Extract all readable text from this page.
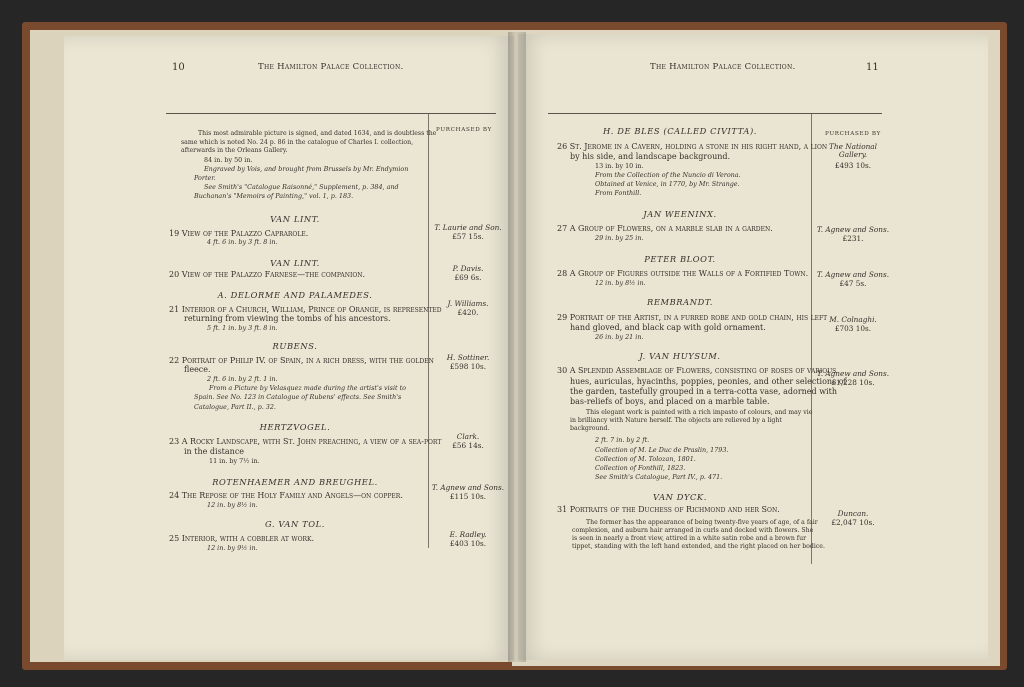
10	The Hamilton Palace Collection.
PURCHASED BY
This most admirable picture is signed, and dated 1634, and is doubtless the
same which is noted No. 24 p. 86 in the catalogue of Charles I. collection,
afterwards in the Orleans Gallery.
84 in. by 50 in.
Engraved by Vois, and brought from Brussels by Mr. Endymion
Porter.
See Smith's "Catalogue Raisonné," Supplement, p. 384, and
Buchanan's "Memoirs of Painting," vol. 1, p. 183.
VAN LINT.
19 View of the Palazzo Caprarole.
4 ft. 6 in. by 3 ft. 8 in.
T. Laurie and Son.
£57 15s.
VAN LINT.
20 View of the Palazzo Farnese—the companion.
P. Davis.
£69 6s.
A. DELORME AND PALAMEDES.
21 Interior of a Church, William, Prince of Orange, is represented
returning from viewing the tombs of his ancestors.
5 ft. 1 in. by 3 ft. 8 in.
J. Williams.
£420.
RUBENS.
22 Portrait of Philip IV. of Spain, in a rich dress, with the golden
fleece.
2 ft. 6 in. by 2 ft. 1 in.
From a Picture by Velasquez made during the artist's visit to
Spain. See No. 123 in Catalogue of Rubens' effects. See Smith's
Catalogue, Part II., p. 32.
H. Sottiner.
£598 10s.
HERTZVOGEL.
23 A Rocky Landscape, with St. John preaching, a view of a sea-port
in the distance
11 in. by 7½ in.
Clark.
£56 14s.
ROTENHAEMER AND BREUGHEL.
24 The Repose of the Holy Family and Angels—on copper.
12 in. by 8½ in.
T. Agnew and Sons.
£115 10s.
G. VAN TOL.
25 Interior, with a cobbler at work.
12 in. by 9½ in.
E. Radley.
£403 10s.
The Hamilton Palace Collection.	11
PURCHASED BY
H. DE BLES (CALLED CIVITTA).
26 St. Jerome in a Cavern, holding a stone in his right hand, a lion
by his side, and landscape background.
13 in. by 10 in.
From the Collection of the Nuncio di Verona.
Obtained at Venice, in 1770, by Mr. Strange.
From Fonthill.
The National Gallery.
£493 10s.
JAN WEENINX.
27 A Group of Flowers, on a marble slab in a garden.
29 in. by 25 in.
T. Agnew and Sons.
£231.
PETER BLOOT.
28 A Group of Figures outside the Walls of a Fortified Town.
12 in. by 8½ in.
T. Agnew and Sons.
£47 5s.
REMBRANDT.
29 Portrait of the Artist, in a furred robe and gold chain, his left
hand gloved, and black cap with gold ornament.
26 in. by 21 in.
M. Colnaghi.
£703 10s.
J. VAN HUYSUM.
30 A Splendid Assemblage of Flowers, consisting of roses of various
hues, auriculas, hyacinths, poppies, peonies, and other selections of
the garden, tastefully grouped in a terra-cotta vase, adorned with
bas-reliefs of boys, and placed on a marble table.
This elegant work is painted with a rich impasto of colours, and may vie
in brilliancy with Nature herself. The objects are relieved by a light
background.
2 ft. 7 in. by 2 ft.
Collection of M. Le Duc de Praslin, 1793.
Collection of M. Tolozan, 1801.
Collection of Fonthill, 1823.
See Smith's Catalogue, Part IV., p. 471.
T. Agnew and Sons.
£1,228 10s.
VAN DYCK.
31 Portraits of the Duchess of Richmond and her Son.
The former has the appearance of being twenty-five years of age, of a fair
complexion, and auburn hair arranged in curls and decked with flowers. She
is seen in nearly a front view, attired in a white satin robe and a brown fur
tippet, standing with the left hand extended, and the right placed on her bodice.
Duncan.
£2,047 10s.
